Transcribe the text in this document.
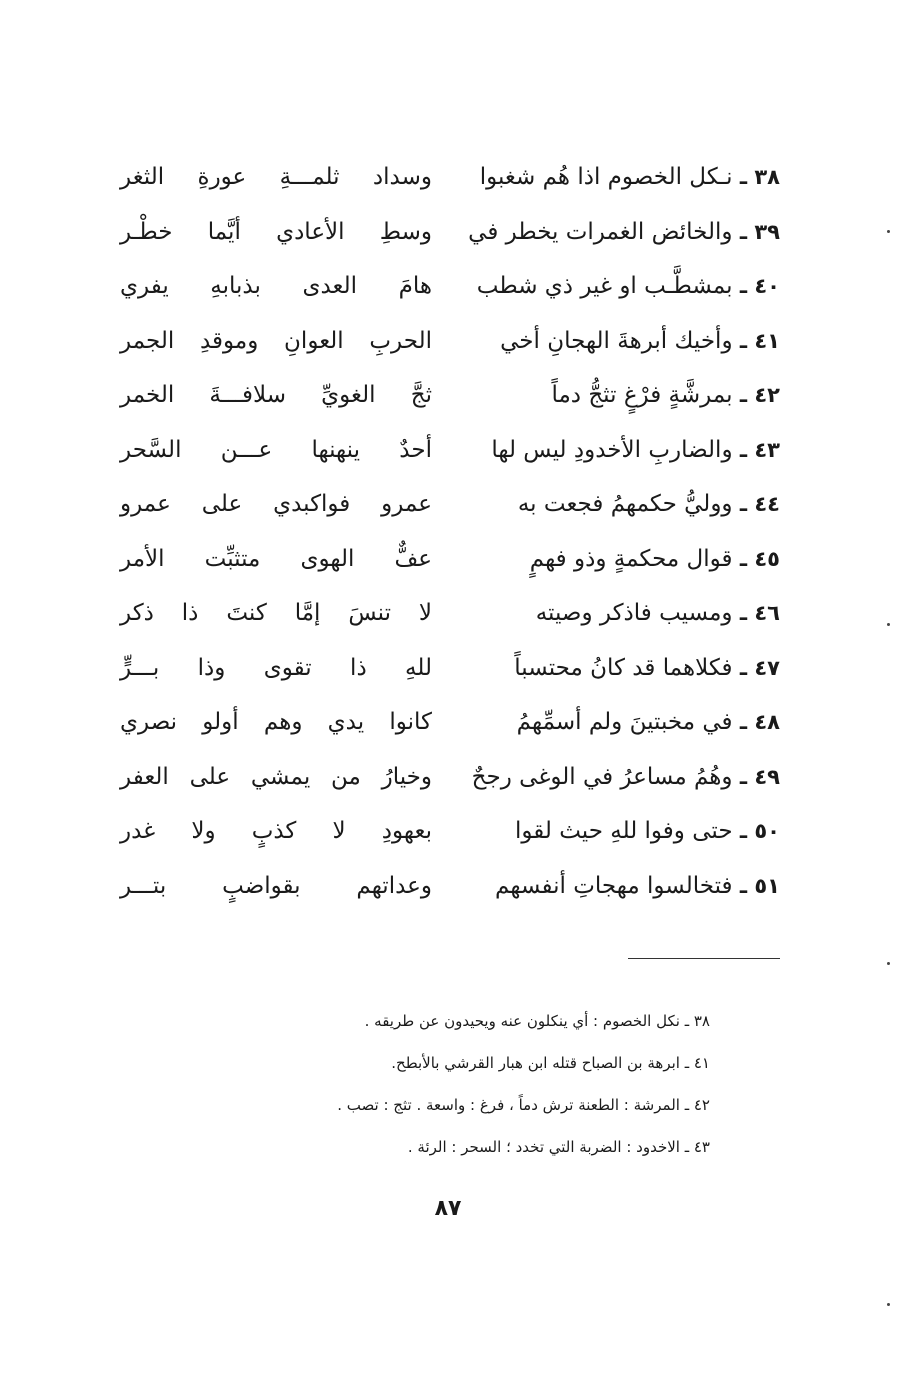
٣٨ ـ نـكل الخصوم اذا هُم شغبوا
وسداد ثلمـــةِ عورةِ الثغر
٣٩ ـ والخائض الغمرات يخطر في
وسطِ الأعادي أيَّما خطْـر
٤٠ ـ بمشطَّـب او غير ذي شطب
هامَ العدى بذبابهِ يفري
٤١ ـ وأخيك أبرهةَ الهجانِ أخي
الحربِ العوانِ وموقدِ الجمر
٤٢ ـ بمرشَّةٍ فرْغٍ تثجُّ دماً
ثجَّ الغويِّ سلافـــةَ الخمر
٤٣ ـ والضاربِ الأخدودِ ليس لها
أحدٌ ينهنها عـــن السَّحر
٤٤ ـ ووليُّ حكمهمُ فجعت به
عمرو فواكبدي على عمرو
٤٥ ـ قوال محكمةٍ وذو فهمٍ
عفٌّ الهوى متثبِّت الأمر
٤٦ ـ ومسيب فاذكر وصيته
لا تنسَ إمَّا كنتَ ذا ذكر
٤٧ ـ فكلاهما قد كانُ محتسباً
للهِ ذا تقوى وذا بـــرٍّ
٤٨ ـ في مخبتينَ ولم أسمِّهمُ
كانوا يدي وهم أولو نصري
٤٩ ـ وهُمُ مساعرُ في الوغى رجحٌ
وخيارُ من يمشي على العفر
٥٠ ـ حتى وفوا للهِ حيث لقوا
بعهودِ لا كذبٍ ولا غدر
٥١ ـ فتخالسوا مهجاتِ أنفسهم
وعداتهم بقواضبٍ بتـــر
٣٨ ـ نكل الخصوم : أي ينكلون عنه ويحيدون عن طريقه .
٤١ ـ ابرهة بن الصباح قتله ابن هبار القرشي بالأبطح.
٤٢ ـ المرشة : الطعنة ترش دماً ، فرغ : واسعة . تثج : تصب .
٤٣ ـ الاخدود : الضربة التي تخدد ؛ السحر : الرئة .
٨٧
